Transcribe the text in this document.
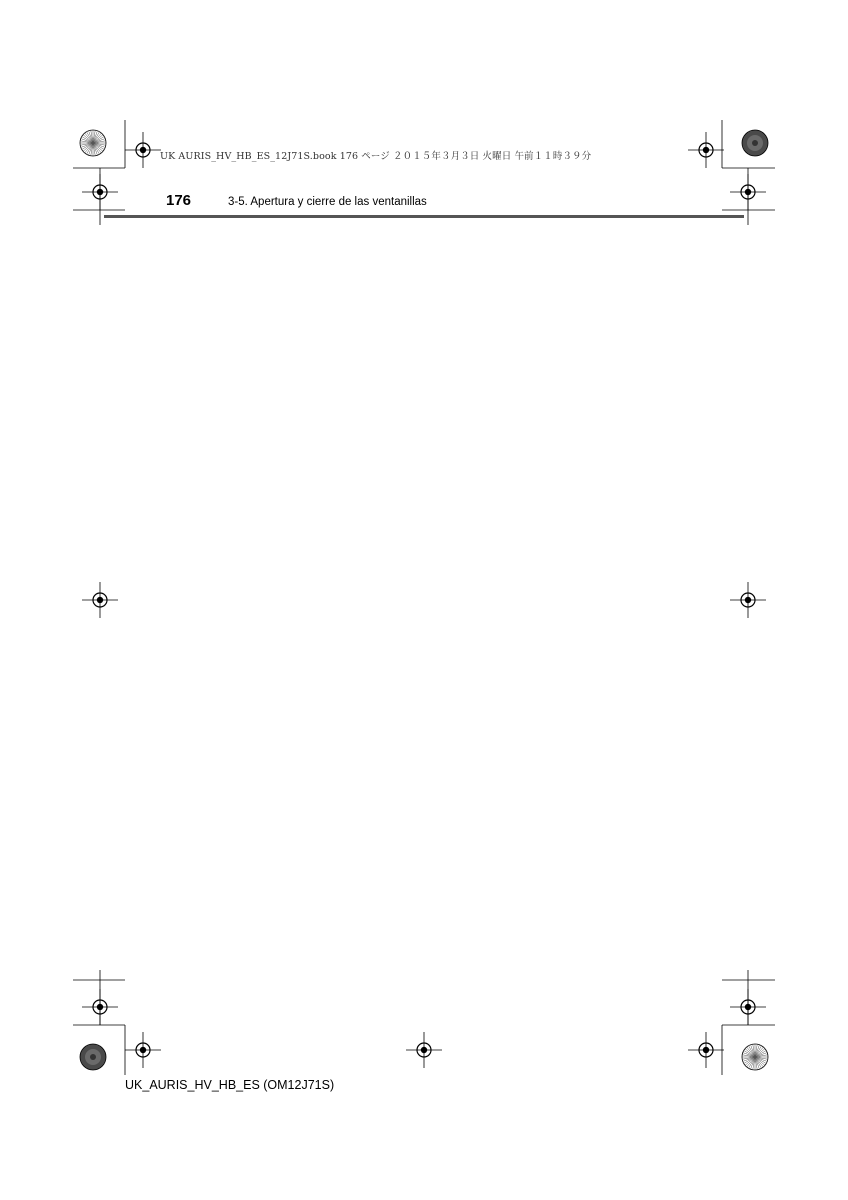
UK AURIS_HV_HB_ES_12J71S.book 176 ページ ２０１５年３月３日 火曜日 午前１１時３９分
176	3-5. Apertura y cierre de las ventanillas
UK_AURIS_HV_HB_ES (OM12J71S)
